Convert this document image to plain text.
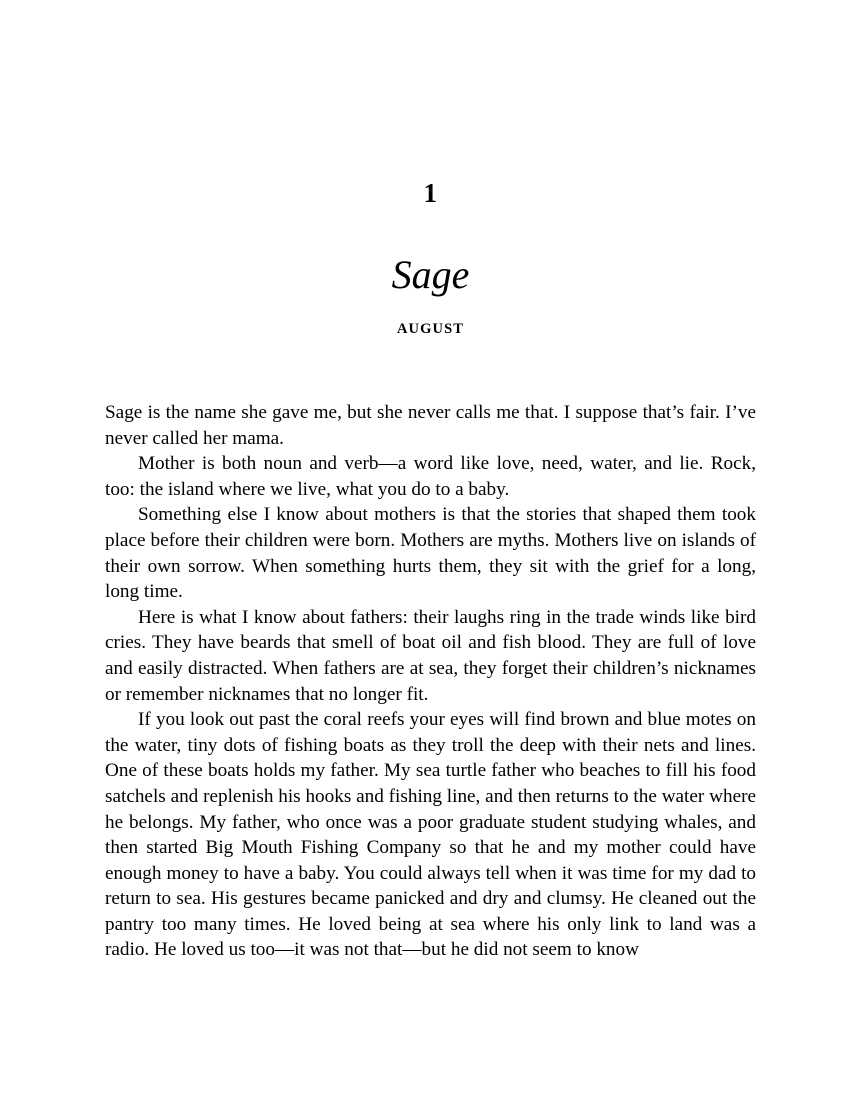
1
Sage
AUGUST

Sage is the name she gave me, but she never calls me that. I suppose that’s fair. I’ve never called her mama.

Mother is both noun and verb—a word like love, need, water, and lie. Rock, too: the island where we live, what you do to a baby.

Something else I know about mothers is that the stories that shaped them took place before their children were born. Mothers are myths. Mothers live on islands of their own sorrow. When something hurts them, they sit with the grief for a long, long time.

Here is what I know about fathers: their laughs ring in the trade winds like bird cries. They have beards that smell of boat oil and fish blood. They are full of love and easily distracted. When fathers are at sea, they forget their children’s nicknames or remember nicknames that no longer fit.

If you look out past the coral reefs your eyes will find brown and blue motes on the water, tiny dots of fishing boats as they troll the deep with their nets and lines. One of these boats holds my father. My sea turtle father who beaches to fill his food satchels and replenish his hooks and fishing line, and then returns to the water where he belongs. My father, who once was a poor graduate student studying whales, and then started Big Mouth Fishing Company so that he and my mother could have enough money to have a baby. You could always tell when it was time for my dad to return to sea. His gestures became panicked and dry and clumsy. He cleaned out the pantry too many times. He loved being at sea where his only link to land was a radio. He loved us too—it was not that—but he did not seem to know
